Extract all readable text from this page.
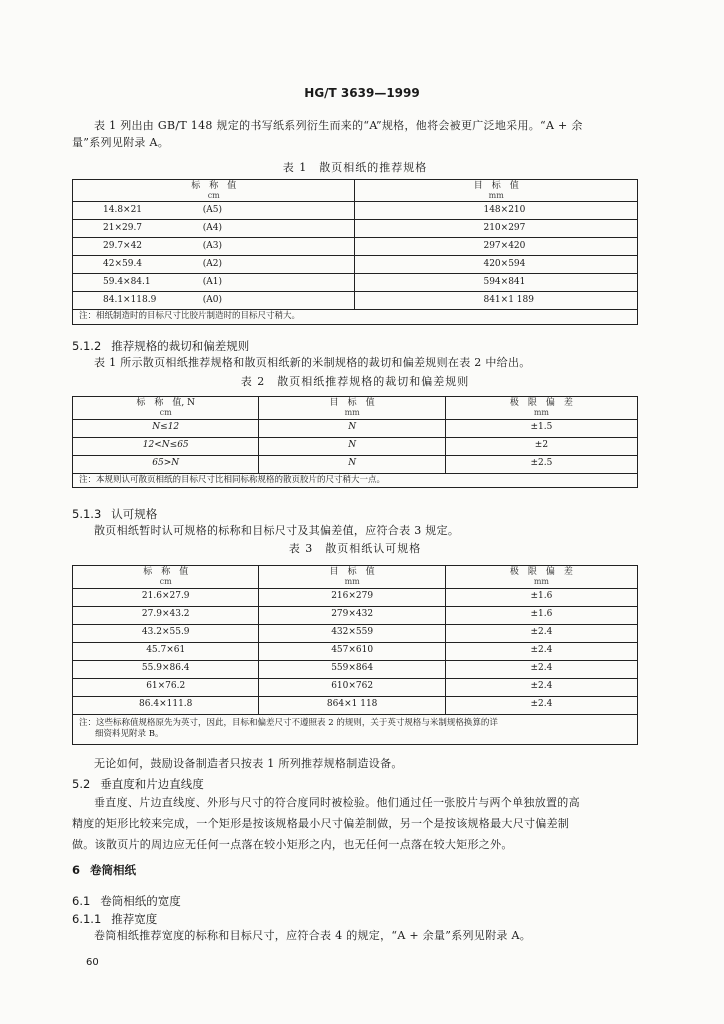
HG/T 3639—1999
表 1 列出由 GB/T 148 规定的书写纸系列衍生而来的“A”规格，他将会被更广泛地采用。“A + 余
量”系列见附录 A。
表 1　散页相纸的推荐规格
标　称　值
cm		目　标　值
mm

14.8×21	(A5)	148×210
21×29.7	(A4)	210×297
29.7×42	(A3)	297×420
42×59.4	(A2)	420×594
59.4×84.1	(A1)	594×841
84.1×118.9	(A0)	841×1 189
注：相纸制造时的目标尺寸比胶片制造时的目标尺寸稍大。		
5.1.2 推荐规格的裁切和偏差规则
表 1 所示散页相纸推荐规格和散页相纸新的米制规格的裁切和偏差规则在表 2 中给出。
表 2　散页相纸推荐规格的裁切和偏差规则
标　称　值, N
cm	目　标　值
mm	极　限　偏　差
mm

N≤12	N	±1.5
12<N≤65	N	±2
65>N	N	±2.5
注：本规则认可散页相纸的目标尺寸比相同标称规格的散页胶片的尺寸稍大一点。		
5.1.3 认可规格
散页相纸暂时认可规格的标称和目标尺寸及其偏差值，应符合表 3 规定。
表 3　散页相纸认可规格
标　称　值
cm	目　标　值
mm	极　限　偏　差
mm

21.6×27.9	216×279	±1.6
27.9×43.2	279×432	±1.6
43.2×55.9	432×559	±2.4
45.7×61	457×610	±2.4
55.9×86.4	559×864	±2.4
61×76.2	610×762	±2.4
86.4×111.8	864×1 118	±2.4

注：这些标称值规格原先为英寸，因此，目标和偏差尺寸不遵照表 2 的规则，关于英寸规格与米制规格换算的详
细资料见附录 B。		
无论如何，鼓励设备制造者只按表 1 所列推荐规格制造设备。
5.2 垂直度和片边直线度
垂直度、片边直线度、外形与尺寸的符合度同时被检验。他们通过任一张胶片与两个单独放置的高
精度的矩形比较来完成，一个矩形是按该规格最小尺寸偏差制做，另一个是按该规格最大尺寸偏差制
做。该散页片的周边应无任何一点落在较小矩形之内，也无任何一点落在较大矩形之外。
6 卷筒相纸
6.1 卷筒相纸的宽度
6.1.1 推荐宽度
卷筒相纸推荐宽度的标称和目标尺寸，应符合表 4 的规定，“A + 余量”系列见附录 A。
60
